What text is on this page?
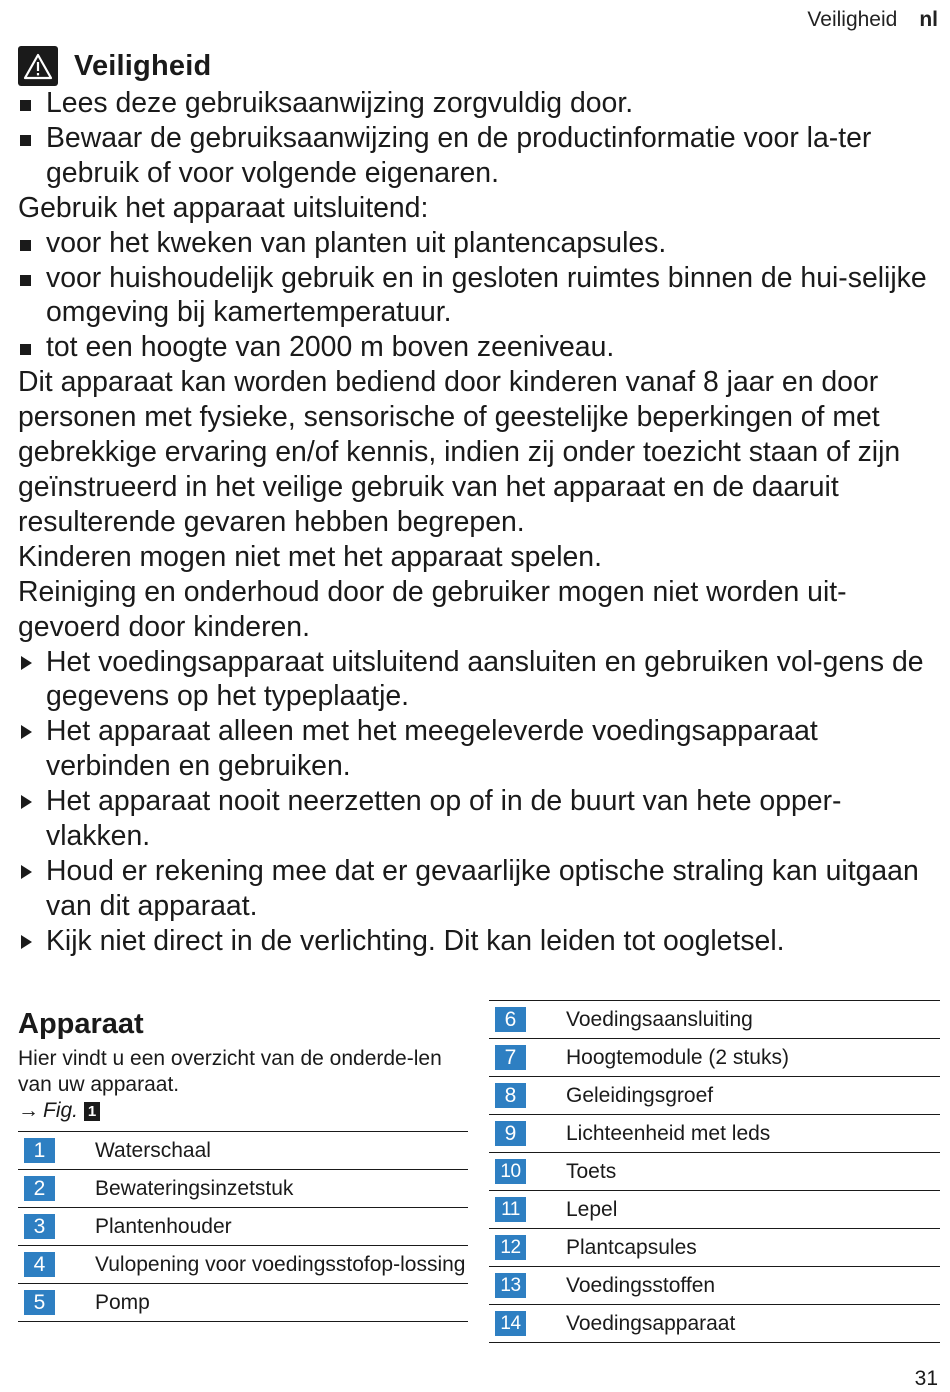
Veiligheid nl
Veiligheid
Lees deze gebruiksaanwijzing zorgvuldig door.
Bewaar de gebruiksaanwijzing en de productinformatie voor la-ter gebruik of voor volgende eigenaren.
Gebruik het apparaat uitsluitend:
voor het kweken van planten uit plantencapsules.
voor huishoudelijk gebruik en in gesloten ruimtes binnen de hui-selijke omgeving bij kamertemperatuur.
tot een hoogte van 2000 m boven zeeniveau.
Dit apparaat kan worden bediend door kinderen vanaf 8 jaar en door personen met fysieke, sensorische of geestelijke beperkingen of met gebrekkige ervaring en/of kennis, indien zij onder toezicht staan of zijn geïnstrueerd in het veilige gebruik van het apparaat en de daaruit resulterende gevaren hebben begrepen.
Kinderen mogen niet met het apparaat spelen.
Reiniging en onderhoud door de gebruiker mogen niet worden uit-gevoerd door kinderen.
Het voedingsapparaat uitsluitend aansluiten en gebruiken vol-gens de gegevens op het typeplaatje.
Het apparaat alleen met het meegeleverde voedingsapparaat verbinden en gebruiken.
Het apparaat nooit neerzetten op of in de buurt van hete opper-vlakken.
Houd er rekening mee dat er gevaarlijke optische straling kan uitgaan van dit apparaat.
Kijk niet direct in de verlichting. Dit kan leiden tot oogletsel.
Apparaat
Hier vindt u een overzicht van de onderde-len van uw apparaat.
→ Fig. 1
1	Waterschaal
2	Bewateringsinzetstuk
3	Plantenhouder
4	Vulopening voor voedingsstofop-lossing
5	Pomp
6	Voedingsaansluiting
7	Hoogtemodule (2 stuks)
8	Geleidingsgroef
9	Lichteenheid met leds
10 Toets
11 Lepel
12 Plantcapsules
13 Voedingsstoffen
14 Voedingsapparaat
31
